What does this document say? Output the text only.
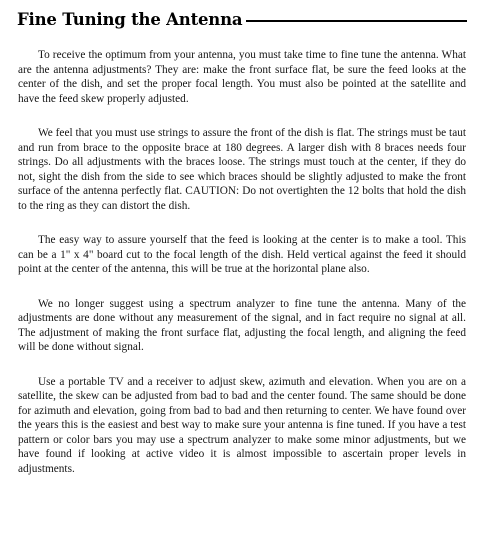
Fine Tuning the Antenna

To receive the optimum from your antenna, you must take time to fine tune the antenna. What are the antenna adjustments? They are: make the front surface flat, be sure the feed looks at the center of the dish, and set the proper focal length. You must also be pointed at the satellite and have the feed skew properly adjusted.

We feel that you must use strings to assure the front of the dish is flat. The strings must be taut and run from brace to the opposite brace at 180 degrees. A larger dish with 8 braces needs four strings. Do all adjustments with the braces loose. The strings must touch at the center, if they do not, sight the dish from the side to see which braces should be slightly adjusted to make the front surface of the antenna perfectly flat. CAUTION: Do not overtighten the 12 bolts that hold the dish to the ring as they can distort the dish.

The easy way to assure yourself that the feed is looking at the center is to make a tool. This can be a 1" x 4" board cut to the focal length of the dish. Held vertical against the feed it should point at the center of the antenna, this will be true at the horizontal plane also.

We no longer suggest using a spectrum analyzer to fine tune the antenna. Many of the adjustments are done without any measurement of the signal, and in fact require no signal at all. The adjustment of making the front surface flat, adjusting the focal length, and aligning the feed will be done without signal.

Use a portable TV and a receiver to adjust skew, azimuth and elevation. When you are on a satellite, the skew can be adjusted from bad to bad and the center found. The same should be done for azimuth and elevation, going from bad to bad and then returning to center. We have found over the years this is the easiest and best way to make sure your antenna is fine tuned. If you have a test pattern or color bars you may use a spectrum analyzer to make some minor adjustments, but we have found if looking at active video it is almost impossible to ascertain proper levels in adjustments.
